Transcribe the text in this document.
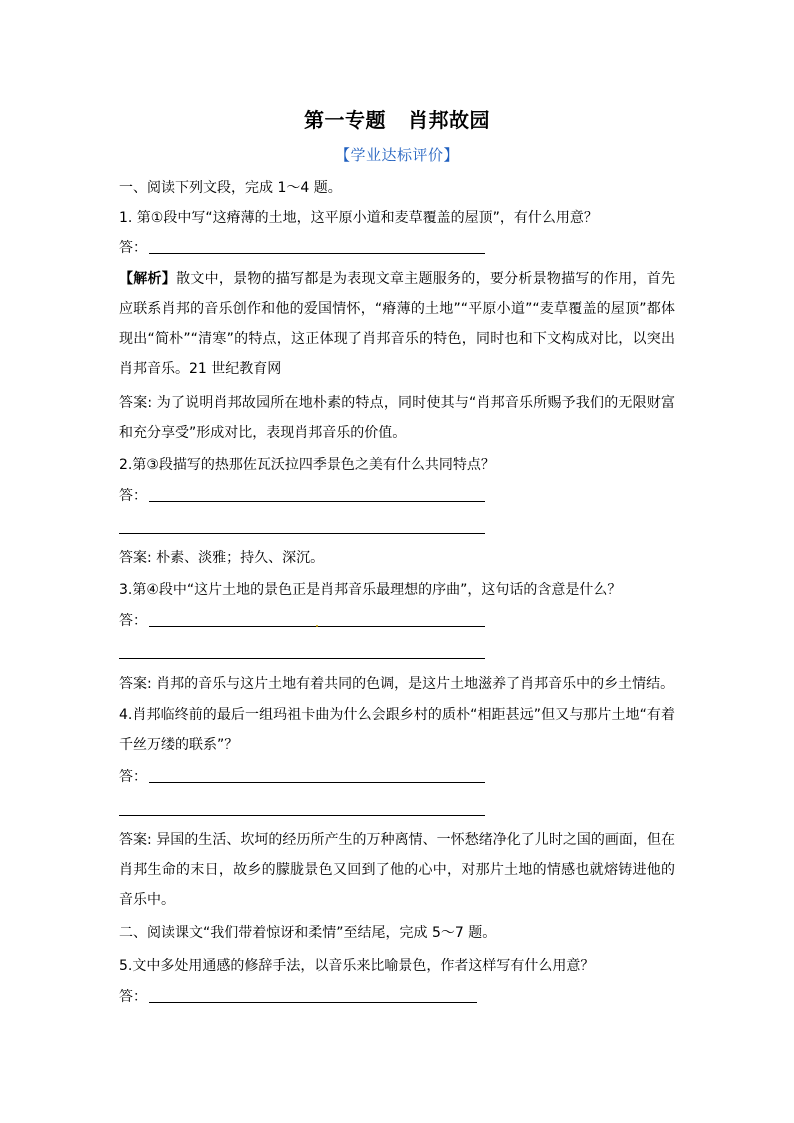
第一专题 肖邦故园
【学业达标评价】
一、阅读下列文段，完成 1～4 题。
1. 第①段中写“这瘠薄的土地，这平原小道和麦草覆盖的屋顶”，有什么用意？
答：
【解析】散文中，景物的描写都是为表现文章主题服务的，要分析景物描写的作用，首先应联系肖邦的音乐创作和他的爱国情怀，“瘠薄的土地”“平原小道”“麦草覆盖的屋顶”都体现出“简朴”“清寒”的特点，这正体现了肖邦音乐的特色，同时也和下文构成对比，以突出肖邦音乐。21 世纪教育网
答案: 为了说明肖邦故园所在地朴素的特点，同时使其与“肖邦音乐所赐予我们的无限财富和充分享受”形成对比，表现肖邦音乐的价值。
2.第③段描写的热那佐瓦沃拉四季景色之美有什么共同特点？
答：
答案: 朴素、淡雅；持久、深沉。
3.第④段中“这片土地的景色正是肖邦音乐最理想的序曲”，这句话的含意是什么？
答：
答案: 肖邦的音乐与这片土地有着共同的色调，是这片土地滋养了肖邦音乐中的乡土情结。
4.肖邦临终前的最后一组玛祖卡曲为什么会跟乡村的质朴“相距甚远”但又与那片土地“有着千丝万缕的联系”？
答：
答案: 异国的生活、坎坷的经历所产生的万种离情、一怀愁绪净化了儿时之国的画面，但在肖邦生命的末日，故乡的朦胧景色又回到了他的心中，对那片土地的情感也就熔铸进他的音乐中。
二、阅读课文“我们带着惊讶和柔情”至结尾，完成 5～7 题。
5.文中多处用通感的修辞手法，以音乐来比喻景色，作者这样写有什么用意？
答：
